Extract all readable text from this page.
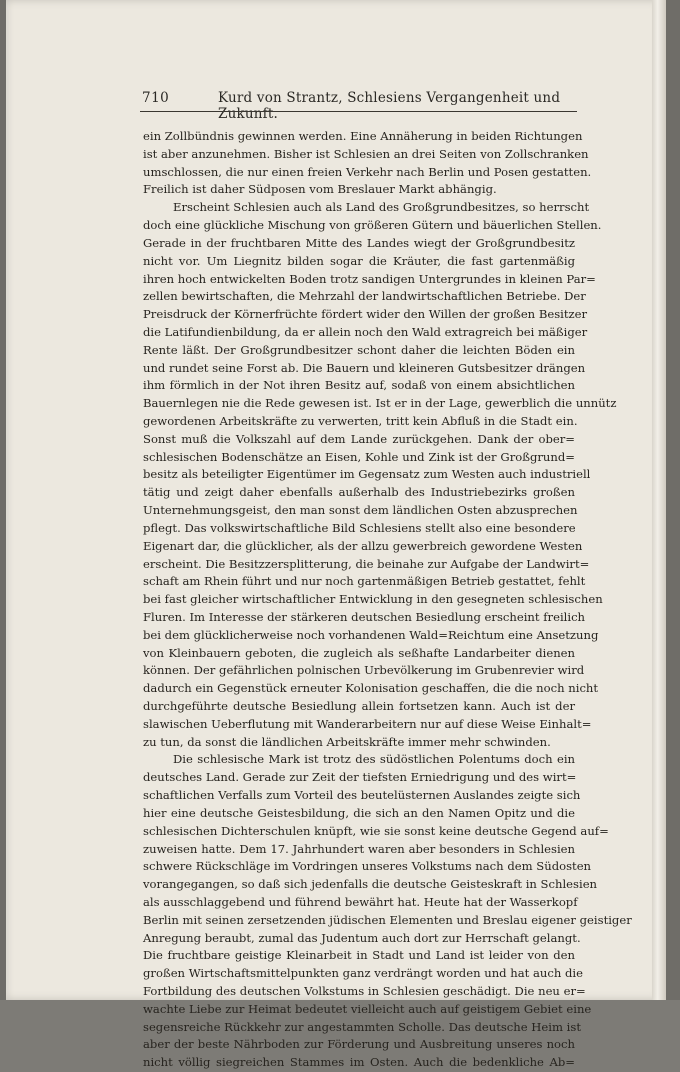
710	Kurd von Strantz, Schlesiens Vergangenheit und Zukunft.
ein Zollbündnis gewinnen werden. Eine Annäherung in beiden Richtungen
ist aber anzunehmen. Bisher ist Schlesien an drei Seiten von Zollschranken
umschlossen, die nur einen freien Verkehr nach Berlin und Posen gestatten.
Freilich ist daher Südposen vom Breslauer Markt abhängig.
Erscheint Schlesien auch als Land des Großgrundbesitzes, so herrscht
doch eine glückliche Mischung von größeren Gütern und bäuerlichen Stellen.
Gerade in der fruchtbaren Mitte des Landes wiegt der Großgrundbesitz
nicht vor. Um Liegnitz bilden sogar die Kräuter, die fast gartenmäßig
ihren hoch entwickelten Boden trotz sandigen Untergrundes in kleinen Par=
zellen bewirtschaften, die Mehrzahl der landwirtschaftlichen Betriebe. Der
Preisdruck der Körnerfrüchte fördert wider den Willen der großen Besitzer
die Latifundienbildung, da er allein noch den Wald extragreich bei mäßiger
Rente läßt. Der Großgrundbesitzer schont daher die leichten Böden ein
und rundet seine Forst ab. Die Bauern und kleineren Gutsbesitzer drängen
ihm förmlich in der Not ihren Besitz auf, sodaß von einem absichtlichen
Bauernlegen nie die Rede gewesen ist. Ist er in der Lage, gewerblich die unnütz
gewordenen Arbeitskräfte zu verwerten, tritt kein Abfluß in die Stadt ein.
Sonst muß die Volkszahl auf dem Lande zurückgehen. Dank der ober=
schlesischen Bodenschätze an Eisen, Kohle und Zink ist der Großgrund=
besitz als beteiligter Eigentümer im Gegensatz zum Westen auch industriell
tätig und zeigt daher ebenfalls außerhalb des Industriebezirks großen
Unternehmungsgeist, den man sonst dem ländlichen Osten abzusprechen
pflegt. Das volkswirtschaftliche Bild Schlesiens stellt also eine besondere
Eigenart dar, die glücklicher, als der allzu gewerbreich gewordene Westen
erscheint. Die Besitzzersplitterung, die beinahe zur Aufgabe der Landwirt=
schaft am Rhein führt und nur noch gartenmäßigen Betrieb gestattet, fehlt
bei fast gleicher wirtschaftlicher Entwicklung in den gesegneten schlesischen
Fluren. Im Interesse der stärkeren deutschen Besiedlung erscheint freilich
bei dem glücklicherweise noch vorhandenen Wald=Reichtum eine Ansetzung
von Kleinbauern geboten, die zugleich als seßhafte Landarbeiter dienen
können. Der gefährlichen polnischen Urbevölkerung im Grubenrevier wird
dadurch ein Gegenstück erneuter Kolonisation geschaffen, die die noch nicht
durchgeführte deutsche Besiedlung allein fortsetzen kann. Auch ist der
slawischen Ueberflutung mit Wanderarbeitern nur auf diese Weise Einhalt=
zu tun, da sonst die ländlichen Arbeitskräfte immer mehr schwinden.
Die schlesische Mark ist trotz des südöstlichen Polentums doch ein
deutsches Land. Gerade zur Zeit der tiefsten Erniedrigung und des wirt=
schaftlichen Verfalls zum Vorteil des beutelüsternen Auslandes zeigte sich
hier eine deutsche Geistesbildung, die sich an den Namen Opitz und die
schlesischen Dichterschulen knüpft, wie sie sonst keine deutsche Gegend auf=
zuweisen hatte. Dem 17. Jahrhundert waren aber besonders in Schlesien
schwere Rückschläge im Vordringen unseres Volkstums nach dem Südosten
vorangegangen, so daß sich jedenfalls die deutsche Geisteskraft in Schlesien
als ausschlaggebend und führend bewährt hat. Heute hat der Wasserkopf
Berlin mit seinen zersetzenden jüdischen Elementen und Breslau eigener geistiger
Anregung beraubt, zumal das Judentum auch dort zur Herrschaft gelangt.
Die fruchtbare geistige Kleinarbeit in Stadt und Land ist leider von den
großen Wirtschaftsmittelpunkten ganz verdrängt worden und hat auch die
Fortbildung des deutschen Volkstums in Schlesien geschädigt. Die neu er=
wachte Liebe zur Heimat bedeutet vielleicht auch auf geistigem Gebiet eine
segensreiche Rückkehr zur angestammten Scholle. Das deutsche Heim ist
aber der beste Nährboden zur Förderung und Ausbreitung unseres noch
nicht völlig siegreichen Stammes im Osten. Auch die bedenkliche Ab=
